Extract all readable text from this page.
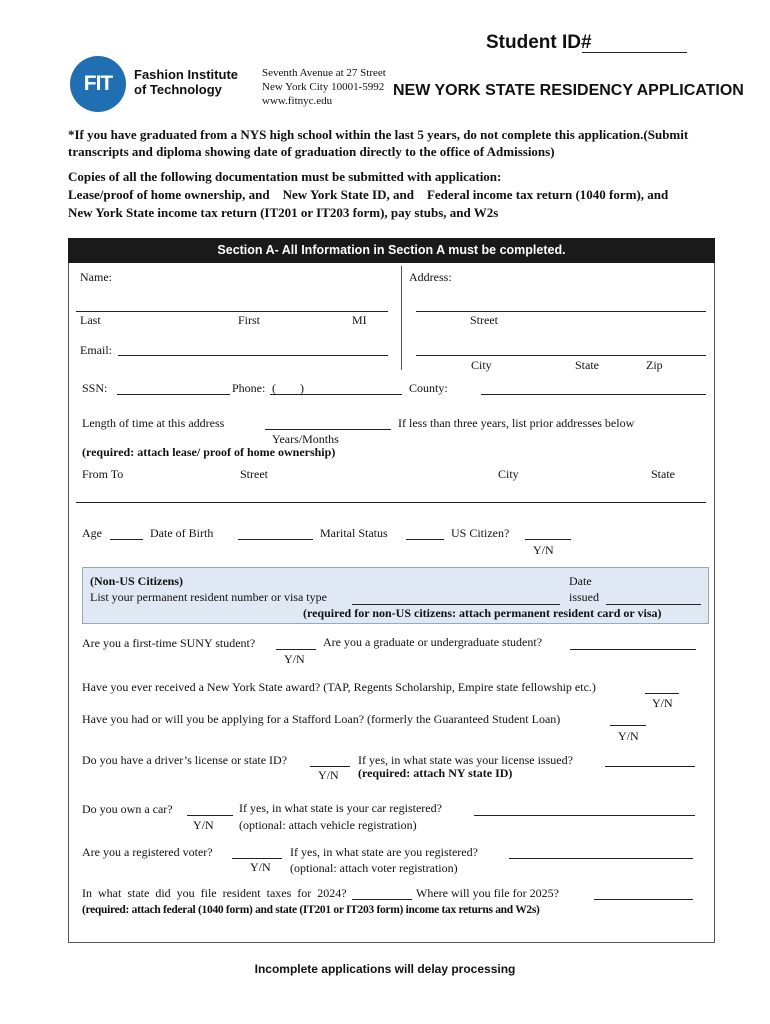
Student ID#
FIT	Fashion Institute
of Technology
Seventh Avenue at 27 Street
New York City 10001-5992
www.fitnyc.edu
NEW YORK STATE RESIDENCY APPLICATION
*If you have graduated from a NYS high school within the last 5 years, do not complete this application.(Submit
transcripts and diploma showing date of graduation directly to the office of Admissions)
Copies of all the following documentation must be submitted with application:
Lease/proof of home ownership, and    New York State ID, and    Federal income tax return (1040 form), and
New York State income tax return (IT201 or IT203 form), pay stubs, and W2s
Section A- All Information in Section A must be completed.
Name:	Address:
Last	First	MI	Street
Email:
City	State	Zip
SSN:	Phone: (        )	County:
Length of time at this address	If less than three years, list prior addresses below
Years/Months
(required: attach lease/ proof of home ownership)
From To	Street	City	State
Age	Date of Birth	Marital Status	US Citizen?
Y/N
(Non-US Citizens)
List your permanent resident number or visa type
Date
issued
(required for non-US citizens: attach permanent resident card or visa)
Are you a first-time SUNY student?
Y/N
Are you a graduate or undergraduate student?
Have you ever received a New York State award? (TAP, Regents Scholarship, Empire state fellowship etc.)
Y/N
Have you had or will you be applying for a Stafford Loan? (formerly the Guaranteed Student Loan)
Y/N
Do you have a driver’s license or state ID?
Y/N
If yes, in what state was your license issued?
(required: attach NY state ID)
Do you own a car?
Y/N
If yes, in what state is your car registered?
(optional: attach vehicle registration)
Are you a registered voter?
Y/N
If yes, in what state are you registered?
(optional: attach voter registration)
In what state did you file resident taxes for 2024?	Where will you file for 2025?
(required: attach federal (1040 form) and state (IT201 or IT203 form) income tax returns and W2s)
Incomplete applications will delay processing
